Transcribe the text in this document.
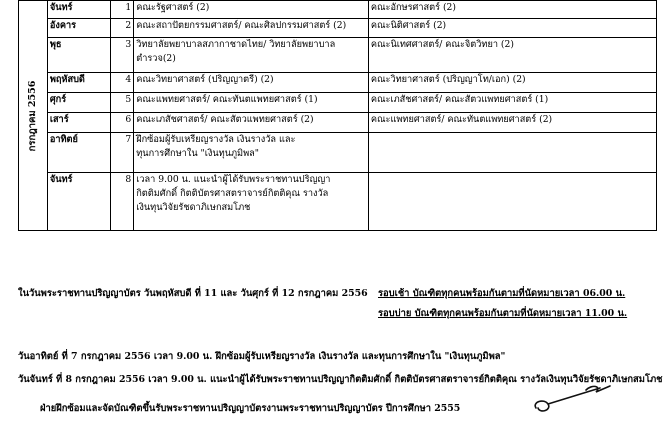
กรกฎาคม 2556	จันทร์	1	คณะรัฐศาสตร์ (2)	คณะอักษรศาสตร์ (2)

	อังคาร	2	คณะสถาปัตยกรรมศาสตร์/ คณะศิลปกรรมศาสตร์ (2)	คณะนิติศาสตร์ (2)

	พุธ	3	วิทยาลัยพยาบาลสภากาชาดไทย/ วิทยาลัยพยาบาล
ตำรวจ(2)	คณะนิเทศศาสตร์/ คณะจิตวิทยา (2)

	พฤหัสบดี	4	คณะวิทยาศาสตร์ (ปริญญาตรี) (2)	คณะวิทยาศาสตร์ (ปริญญาโท/เอก) (2)

	ศุกร์	5	คณะแพทยศาสตร์/ คณะทันตแพทยศาสตร์ (1)	คณะเภสัชศาสตร์/ คณะสัตวแพทยศาสตร์ (1)

	เสาร์	6	คณะเภสัชศาสตร์/ คณะสัตวแพทยศาสตร์ (2)	คณะแพทยศาสตร์/ คณะทันตแพทยศาสตร์ (2)

	อาทิตย์	7	ฝึกซ้อมผู้รับเหรียญรางวัล เงินรางวัล และ
ทุนการศึกษาใน "เงินทุนภูมิพล"	

	จันทร์	8	เวลา 9.00 น. แนะนำผู้ได้รับพระราชทานปริญญา
กิตติมศักดิ์ กิตติบัตรศาสตราจารย์กิตติคุณ รางวัล
เงินทุนวิจัยรัชดาภิเษกสมโภช	

ในวันพระราชทานปริญญาบัตร วันพฤหัสบดี ที่ 11 และ วันศุกร์ ที่ 12 กรกฎาคม 2556 รอบเช้า บัณฑิตทุกคนพร้อมกันตามที่นัดหมายเวลา 06.00 น.
รอบบ่าย บัณฑิตทุกคนพร้อมกันตามที่นัดหมายเวลา 11.00 น.
วันอาทิตย์ ที่ 7 กรกฎาคม 2556 เวลา 9.00 น. ฝึกซ้อมผู้รับเหรียญรางวัล เงินรางวัล และทุนการศึกษาใน "เงินทุนภูมิพล"
วันจันทร์ ที่ 8 กรกฎาคม 2556 เวลา 9.00 น. แนะนำผู้ได้รับพระราชทานปริญญากิตติมศักดิ์ กิตติบัตรศาสตราจารย์กิตติคุณ รางวัลเงินทุนวิจัยรัชดาภิเษกสมโภช
ฝ่ายฝึกซ้อมและจัดบัณฑิตขึ้นรับพระราชทานปริญญาบัตรงานพระราชทานปริญญาบัตร ปีการศึกษา 2555
